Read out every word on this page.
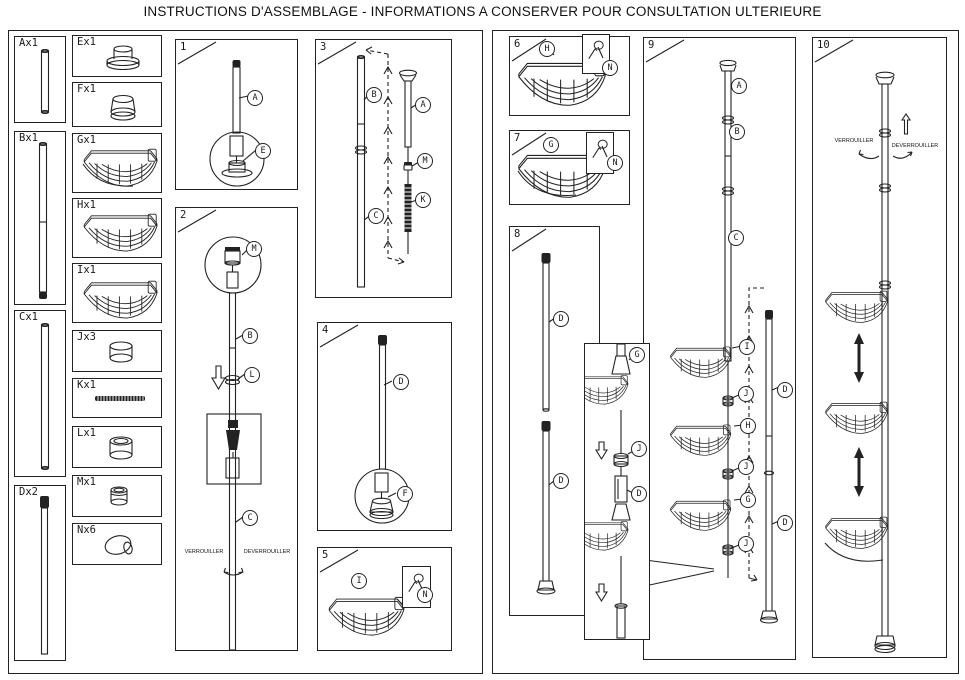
INSTRUCTIONS D'ASSEMBLAGE - INFORMATIONS A CONSERVER POUR CONSULTATION ULTERIEURE
Ax1
Bx1
Cx1
Dx2
Ex1
Fx1
Gx1
Hx1
Ix1
Jx3
Kx1
Lx1
Mx1
Nx6
1
A
E
2
M
B
L
C
VERROUILLER	DEVERROUILLER
3
B
C
A
M
K
4
D
F
5
I
N
6	H
N
7
G
N
8
D
D
G
J
D
9
A
B
C
I
J
H
J
G
J
D
D
10
VERROUILLER
DEVERROUILLER
